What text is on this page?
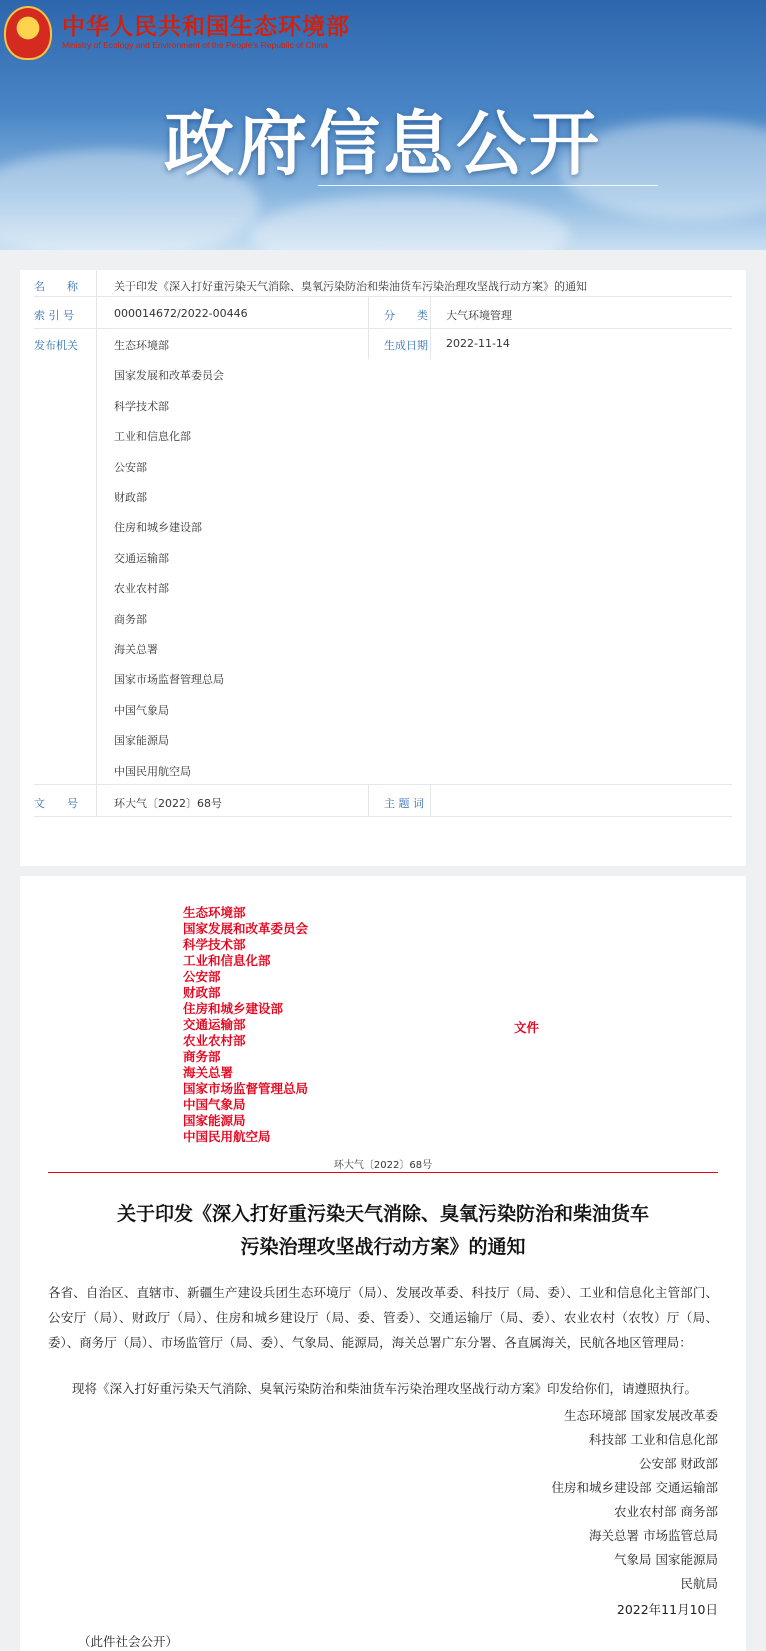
★ 中华人民共和国生态环境部
Ministry of Ecology and Environment of the People's Republic of China
政府信息公开
名　　称	关于印发《深入打好重污染天气消除、臭氧污染防治和柴油货车污染治理攻坚战行动方案》的通知
索 引 号	000014672/2022-00446	分　　类 大气环境管理
发布机关	生态环境部
国家发展和改革委员会
科学技术部
工业和信息化部
公安部
财政部
住房和城乡建设部
交通运输部
农业农村部
商务部
海关总署
国家市场监督管理总局
中国气象局
国家能源局
中国民用航空局
生成日期 2022-11-14
文　　号	环大气〔2022〕68号	主 题 词
生态环境部
国家发展和改革委员会
科学技术部
工业和信息化部
公安部
财政部
住房和城乡建设部
交通运输部
农业农村部
商务部
海关总署
国家市场监督管理总局
中国气象局
国家能源局
中国民用航空局
文件
环大气〔2022〕68号
关于印发《深入打好重污染天气消除、臭氧污染防治和柴油货车
污染治理攻坚战行动方案》的通知
各省、自治区、直辖市、新疆生产建设兵团生态环境厅（局）、发展改革委、科技厅（局、委）、工业和信息化主管部门、公安厅（局）、财政厅（局）、住房和城乡建设厅（局、委、管委）、交通运输厅（局、委）、农业农村（农牧）厅（局、委）、商务厅（局）、市场监管厅（局、委）、气象局、能源局，海关总署广东分署、各直属海关，民航各地区管理局：
现将《深入打好重污染天气消除、臭氧污染防治和柴油货车污染治理攻坚战行动方案》印发给你们，请遵照执行。
生态环境部 国家发展改革委
科技部 工业和信息化部
公安部 财政部
住房和城乡建设部 交通运输部
农业农村部 商务部
海关总署 市场监管总局
气象局 国家能源局
民航局
2022年11月10日
（此件社会公开）
